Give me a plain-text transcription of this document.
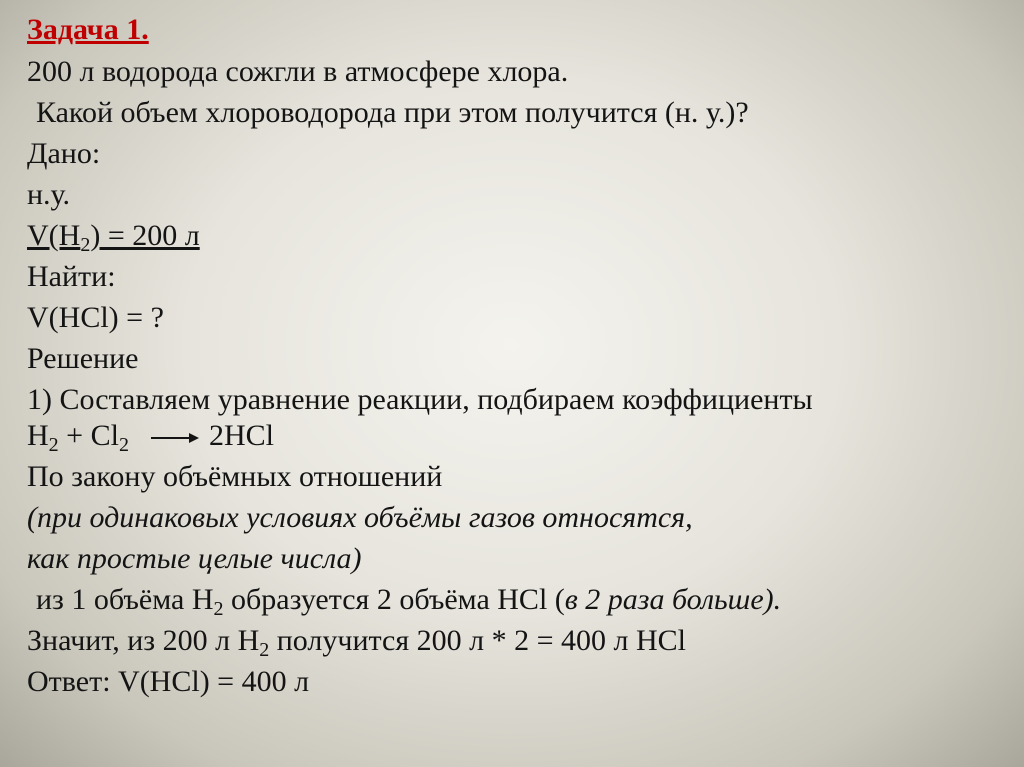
Задача 1.
200 л водорода сожгли в атмосфере хлора.
Какой объем хлороводорода при этом получится (н. у.)?
Дано:
н.у.
$V(H_2) = 200$ л
Найти:
V(HCl) = ?
Решение
1) Составляем уравнение реакции, подбираем коэффициенты
$H_2 + Cl_2 \to 2HCl$
По закону объёмных отношений
(при одинаковых условиях объёмы газов относятся,
как простые целые числа)
из 1 объёма $H_2$ образуется 2 объёма HCl (в 2 раза больше).
Значит, из 200 л $H_2$ получится 200 л * 2 = 400 л HCl
Ответ: V(HCl) = 400 л
